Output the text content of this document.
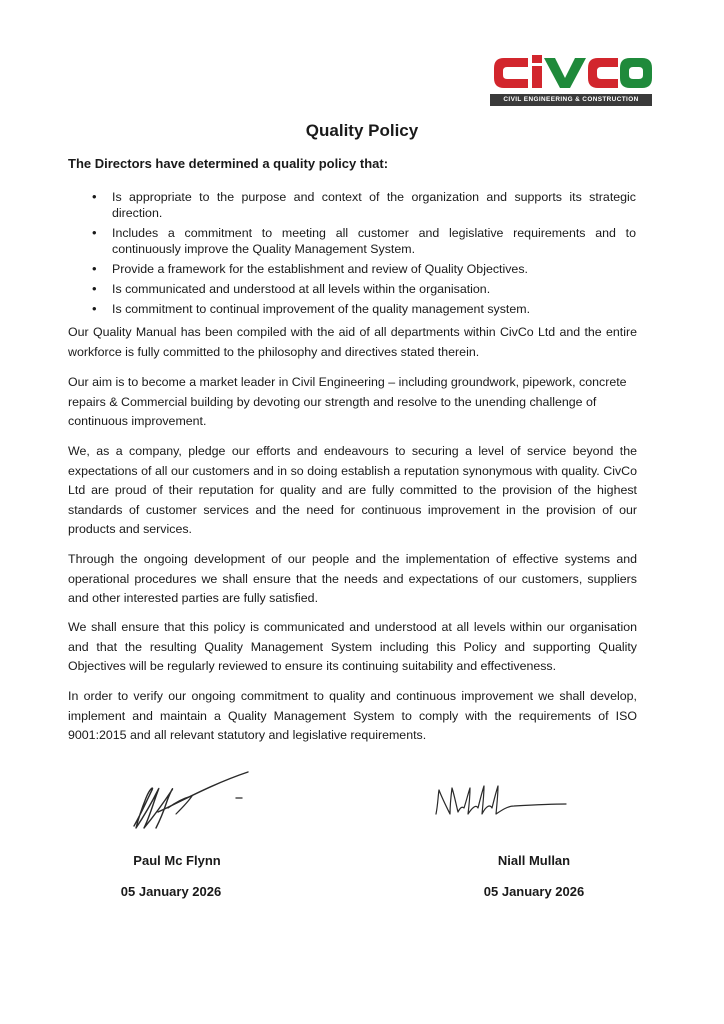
CIVIL ENGINEERING & CONSTRUCTION
Quality Policy

The Directors have determined a quality policy that:

• Is appropriate to the purpose and context of the organization and supports its strategic direction.
• Includes a commitment to meeting all customer and legislative requirements and to continuously improve the Quality Management System.
• Provide a framework for the establishment and review of Quality Objectives.
• Is communicated and understood at all levels within the organisation.
• Is commitment to continual improvement of the quality management system.

Our Quality Manual has been compiled with the aid of all departments within CivCo Ltd and the entire workforce is fully committed to the philosophy and directives stated therein.

Our aim is to become a market leader in Civil Engineering – including groundwork, pipework, concrete repairs & Commercial building by devoting our strength and resolve to the unending challenge of continuous improvement.

We, as a company, pledge our efforts and endeavours to securing a level of service beyond the expectations of all our customers and in so doing establish a reputation synonymous with quality. CivCo Ltd are proud of their reputation for quality and are fully committed to the provision of the highest standards of customer services and the need for continuous improvement in the provision of our products and services.

Through the ongoing development of our people and the implementation of effective systems and operational procedures we shall ensure that the needs and expectations of our customers, suppliers and other interested parties are fully satisfied.

We shall ensure that this policy is communicated and understood at all levels within our organisation and that the resulting Quality Management System including this Policy and supporting Quality Objectives will be regularly reviewed to ensure its continuing suitability and effectiveness.

In order to verify our ongoing commitment to quality and continuous improvement we shall develop, implement and maintain a Quality Management System to comply with the requirements of ISO 9001:2015 and all relevant statutory and legislative requirements.

Paul Mc Flynn

05 January 2026

Niall Mullan

05 January 2026
